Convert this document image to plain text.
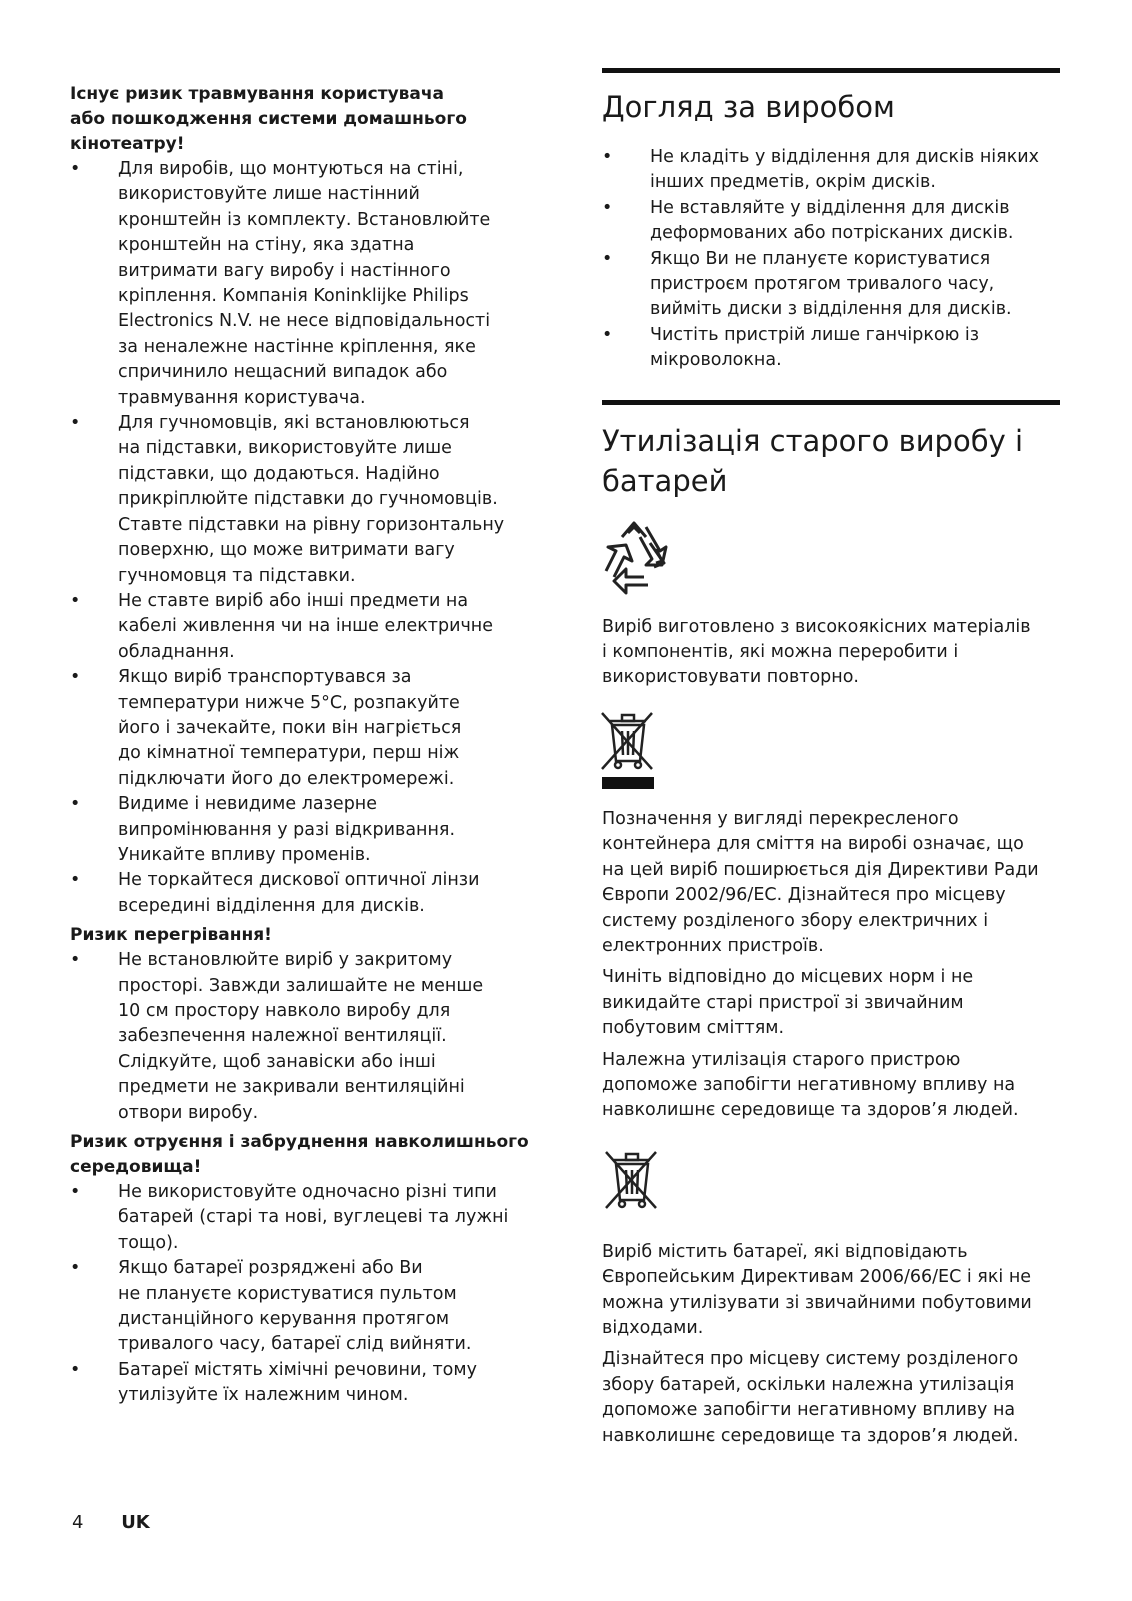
Існує ризик травмування користувача
або пошкодження системи домашнього
кінотеатру!
• Для виробів, що монтуються на стіні,
використовуйте лише настінний
кронштейн із комплекту. Встановлюйте
кронштейн на стіну, яка здатна
витримати вагу виробу і настінного
кріплення. Компанія Koninklijke Philips
Electronics N.V. не несе відповідальності
за неналежне настінне кріплення, яке
спричинило нещасний випадок або
травмування користувача.
• Для гучномовців, які встановлюються
на підставки, використовуйте лише
підставки, що додаються. Надійно
прикріплюйте підставки до гучномовців.
Ставте підставки на рівну горизонтальну
поверхню, що може витримати вагу
гучномовця та підставки.
• Не ставте виріб або інші предмети на
кабелі живлення чи на інше електричне
обладнання.
• Якщо виріб транспортувався за
температури нижче 5°C, розпакуйте
його і зачекайте, поки він нагріється
до кімнатної температури, перш ніж
підключати його до електромережі.
• Видиме і невидиме лазерне
випромінювання у разі відкривання.
Уникайте впливу променів.
• Не торкайтеся дискової оптичної лінзи
всередині відділення для дисків.
Ризик перегрівання!
• Не встановлюйте виріб у закритому
просторі. Завжди залишайте не менше
10 см простору навколо виробу для
забезпечення належної вентиляції.
Слідкуйте, щоб занавіски або інші
предмети не закривали вентиляційні
отвори виробу.
Ризик отруєння і забруднення навколишнього
середовища!
• Не використовуйте одночасно різні типи
батарей (старі та нові, вуглецеві та лужні
тощо).
• Якщо батареї розряджені або Ви
не плануєте користуватися пультом
дистанційного керування протягом
тривалого часу, батареї слід вийняти.
• Батареї містять хімічні речовини, тому
утилізуйте їх належним чином.
Догляд за виробом
• Не кладіть у відділення для дисків ніяких
інших предметів, окрім дисків.
• Не вставляйте у відділення для дисків
деформованих або потрісканих дисків.
• Якщо Ви не плануєте користуватися
пристроєм протягом тривалого часу,
вийміть диски з відділення для дисків.
• Чистіть пристрій лише ганчіркою із
мікроволокна.
Утилізація старого виробу і
батарей

Виріб виготовлено з високоякісних матеріалів
і компонентів, які можна переробити і
використовувати повторно.

Позначення у вигляді перекресленого
контейнера для сміття на виробі означає, що
на цей виріб поширюється дія Директиви Ради
Європи 2002/96/EC. Дізнайтеся про місцеву
систему розділеного збору електричних і
електронних пристроїв.

Чиніть відповідно до місцевих норм і не
викидайте старі пристрої зі звичайним
побутовим сміттям.

Належна утилізація старого пристрою
допоможе запобігти негативному впливу на
навколишнє середовище та здоров’я людей.

Виріб містить батареї, які відповідають
Європейським Директивам 2006/66/EC і які не
можна утилізувати зі звичайними побутовими
відходами.

Дізнайтеся про місцеву систему розділеного
збору батарей, оскільки належна утилізація
допоможе запобігти негативному впливу на
навколишнє середовище та здоров’я людей.

4 UK
